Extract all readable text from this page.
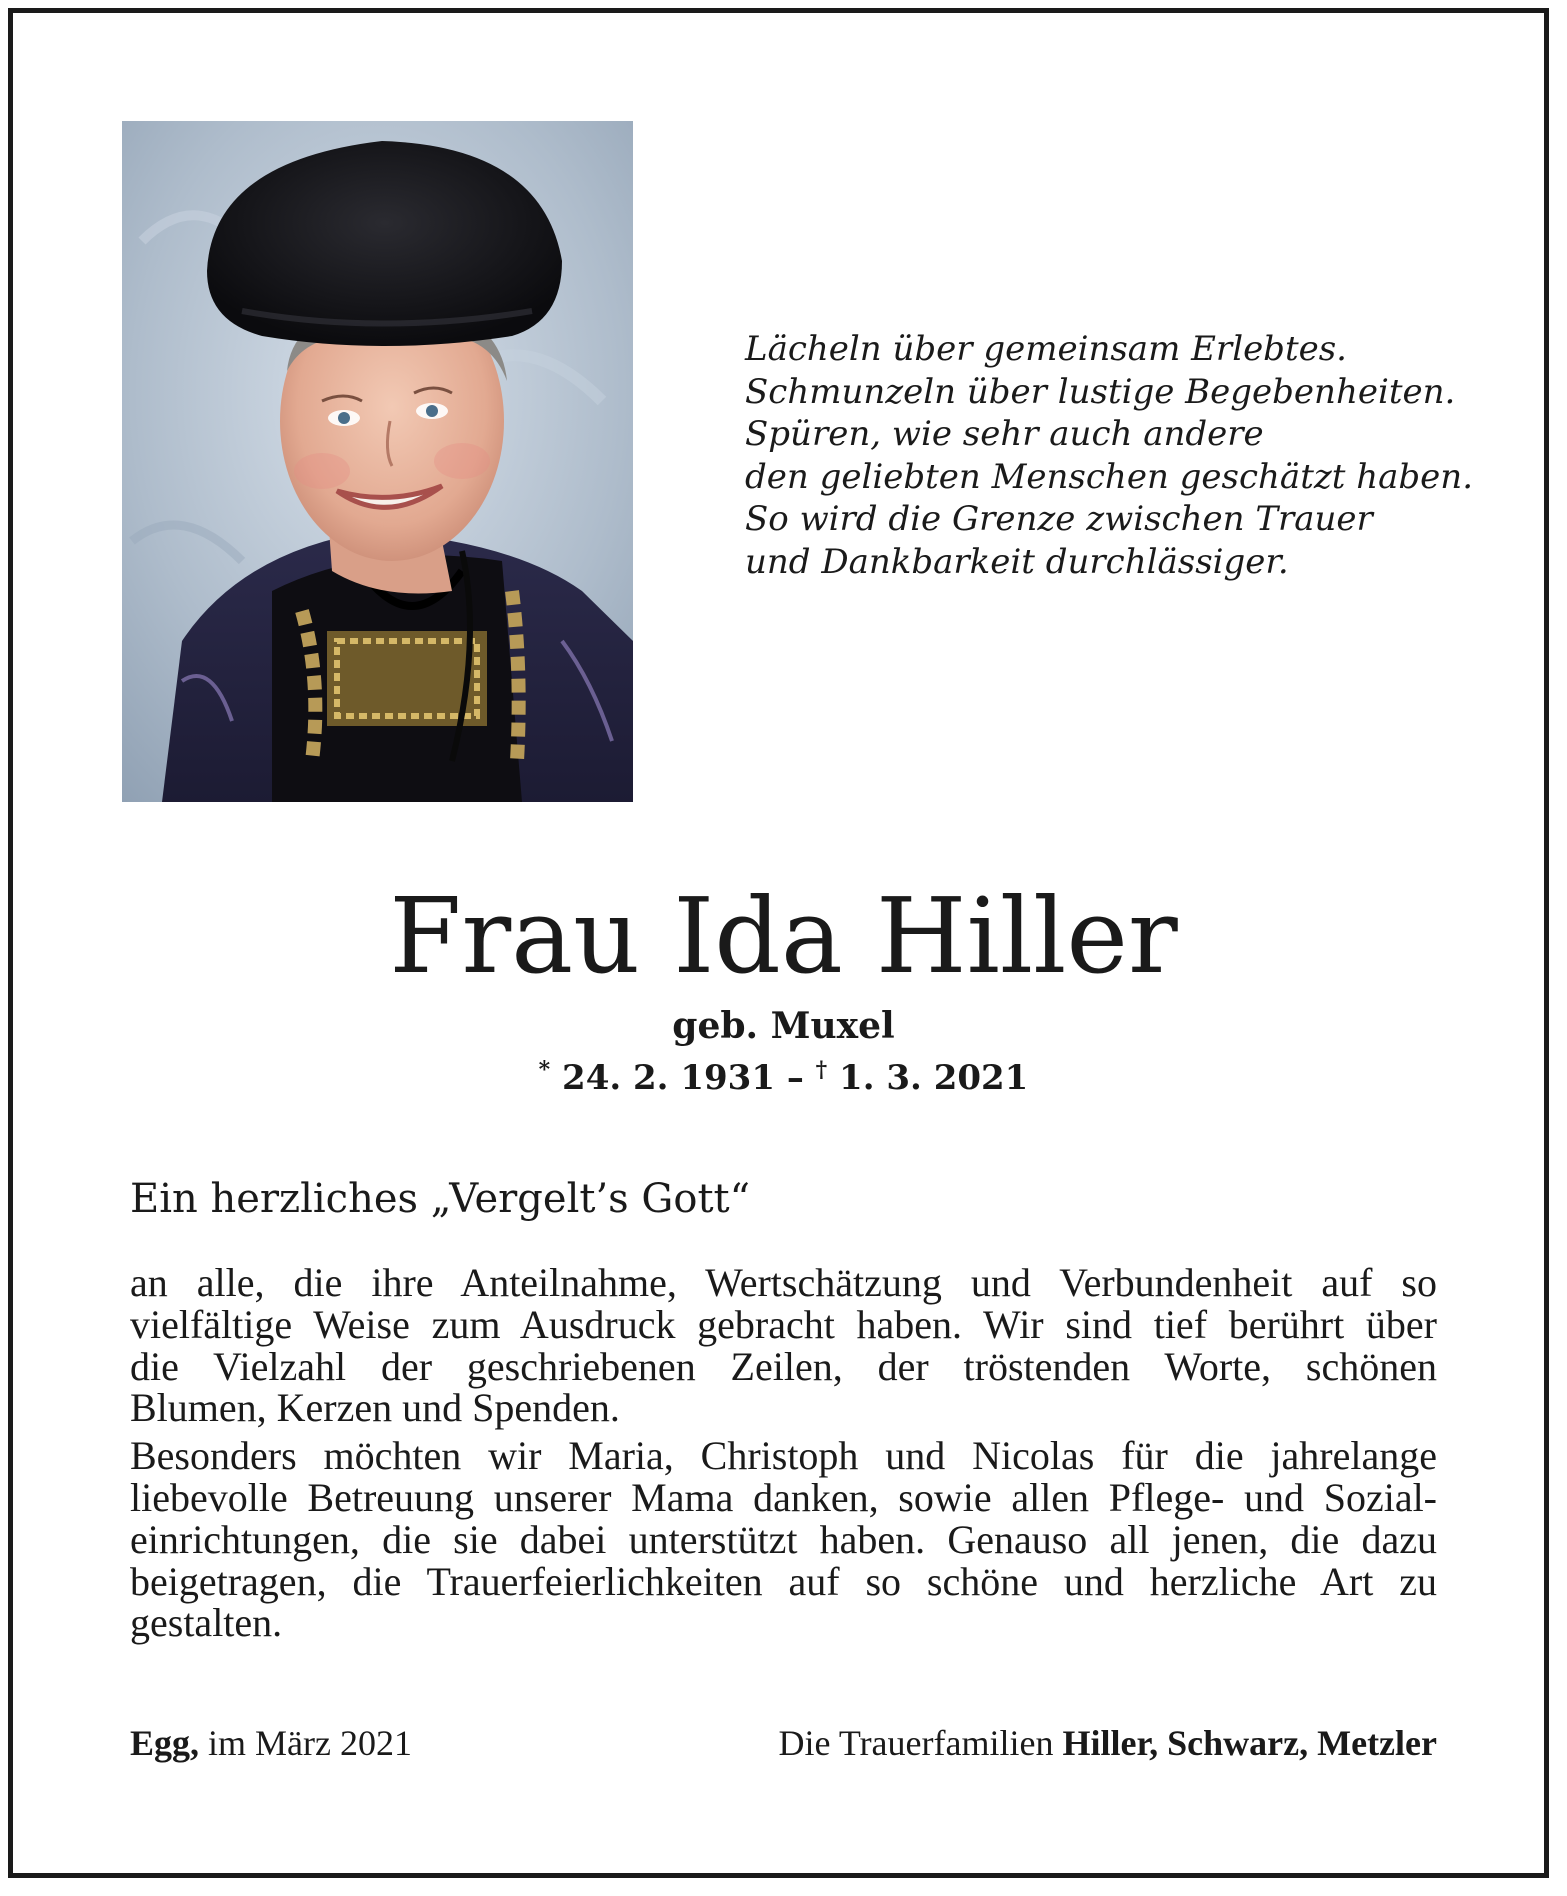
Lächeln über gemeinsam Erlebtes.
Schmunzeln über lustige Begebenheiten.
Spüren, wie sehr auch andere
den geliebten Menschen geschätzt haben.
So wird die Grenze zwischen Trauer
und Dankbarkeit durchlässiger.
Frau Ida Hiller
geb. Muxel
* 24. 2. 1931 – † 1. 3. 2021
Ein herzliches „Vergelt’s Gott“

an alle, die ihre Anteilnahme, Wertschätzung und Verbundenheit auf so
vielfältige Weise zum Ausdruck gebracht haben. Wir sind tief berührt über
die Vielzahl der geschriebenen Zeilen, der tröstenden Worte, schönen
Blumen, Kerzen und Spenden.

Besonders möchten wir Maria, Christoph und Nicolas für die jahrelange
liebevolle Betreuung unserer Mama danken, sowie allen Pflege- und Sozial-
einrichtungen, die sie dabei unterstützt haben. Genauso all jenen, die dazu
beigetragen, die Trauerfeierlichkeiten auf so schöne und herzliche Art zu
gestalten.

Egg, im März 2021	Die Trauerfamilien Hiller, Schwarz, Metzler
